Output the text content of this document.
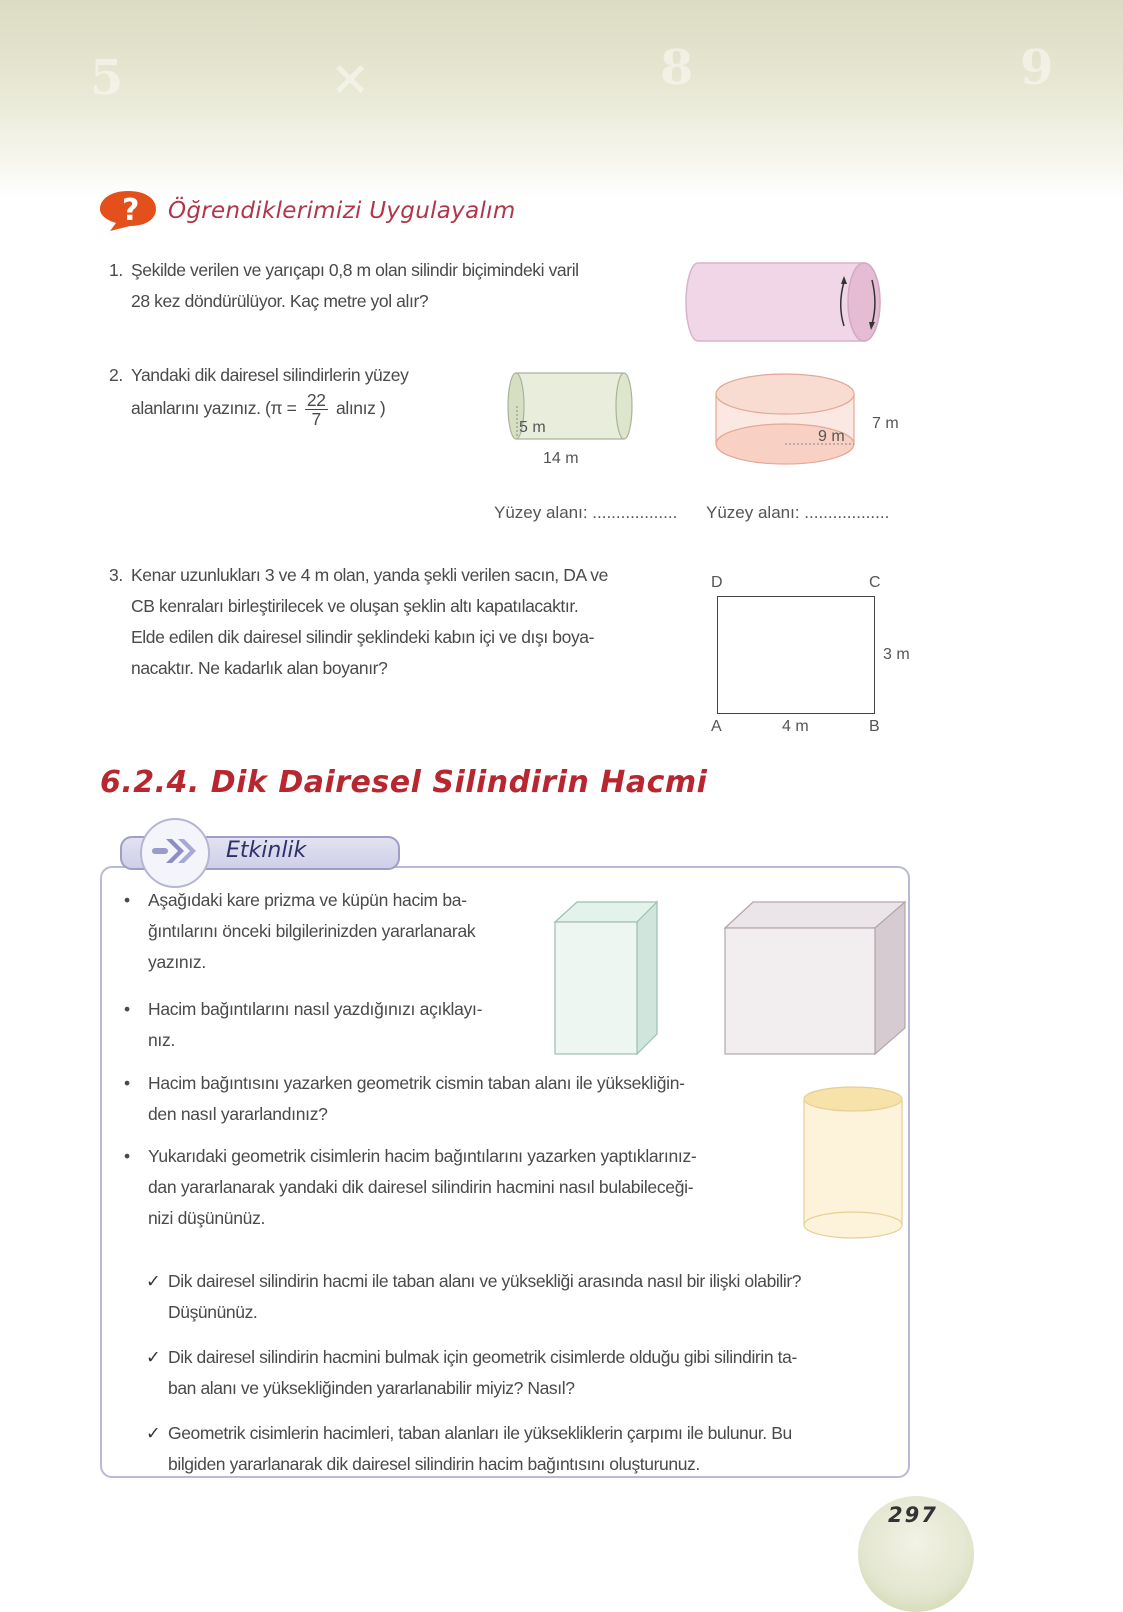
5	×	8	9
? Öğrendiklerimizi Uygulayalım
1. Şekilde verilen ve yarıçapı 0,8 m olan silindir biçimindeki varil
28 kez döndürülüyor. Kaç metre yol alır?
2. Yandaki dik dairesel silindirlerin yüzey
alanlarını yazınız. ($\pi = \frac{22}{7}$ alınız )
5 m
14 m
9 m
7 m
Yüzey alanı: .................. Yüzey alanı: ..................
3. Kenar uzunlukları 3 ve 4 m olan, yanda şekli verilen sacın, DA ve
CB kenraları birleştirilecek ve oluşan şeklin altı kapatılacaktır.
Elde edilen dik dairesel silindir şeklindeki kabın içi ve dışı boya-
nacaktır. Ne kadarlık alan boyanır?
D	C
A	B
3 m
4 m
6.2.4. Dik Dairesel Silindirin Hacmi
Etkinlik
• Aşağıdaki kare prizma ve küpün hacim ba-
ğıntılarını önceki bilgilerinizden yararlanarak
yazınız.
• Hacim bağıntılarını nasıl yazdığınızı açıklayı-
nız.
• Hacim bağıntısını yazarken geometrik cismin taban alanı ile yüksekliğin-
den nasıl yararlandınız?
• Yukarıdaki geometrik cisimlerin hacim bağıntılarını yazarken yaptıklarınız-
dan yararlanarak yandaki dik dairesel silindirin hacmini nasıl bulabileceği-
nizi düşününüz.
✓ Dik dairesel silindirin hacmi ile taban alanı ve yüksekliği arasında nasıl bir ilişki olabilir?
Düşününüz.
✓ Dik dairesel silindirin hacmini bulmak için geometrik cisimlerde olduğu gibi silindirin ta-
ban alanı ve yüksekliğinden yararlanabilir miyiz? Nasıl?
✓ Geometrik cisimlerin hacimleri, taban alanları ile yüksekliklerin çarpımı ile bulunur. Bu
bilgiden yararlanarak dik dairesel silindirin hacim bağıntısını oluşturunuz.
297
